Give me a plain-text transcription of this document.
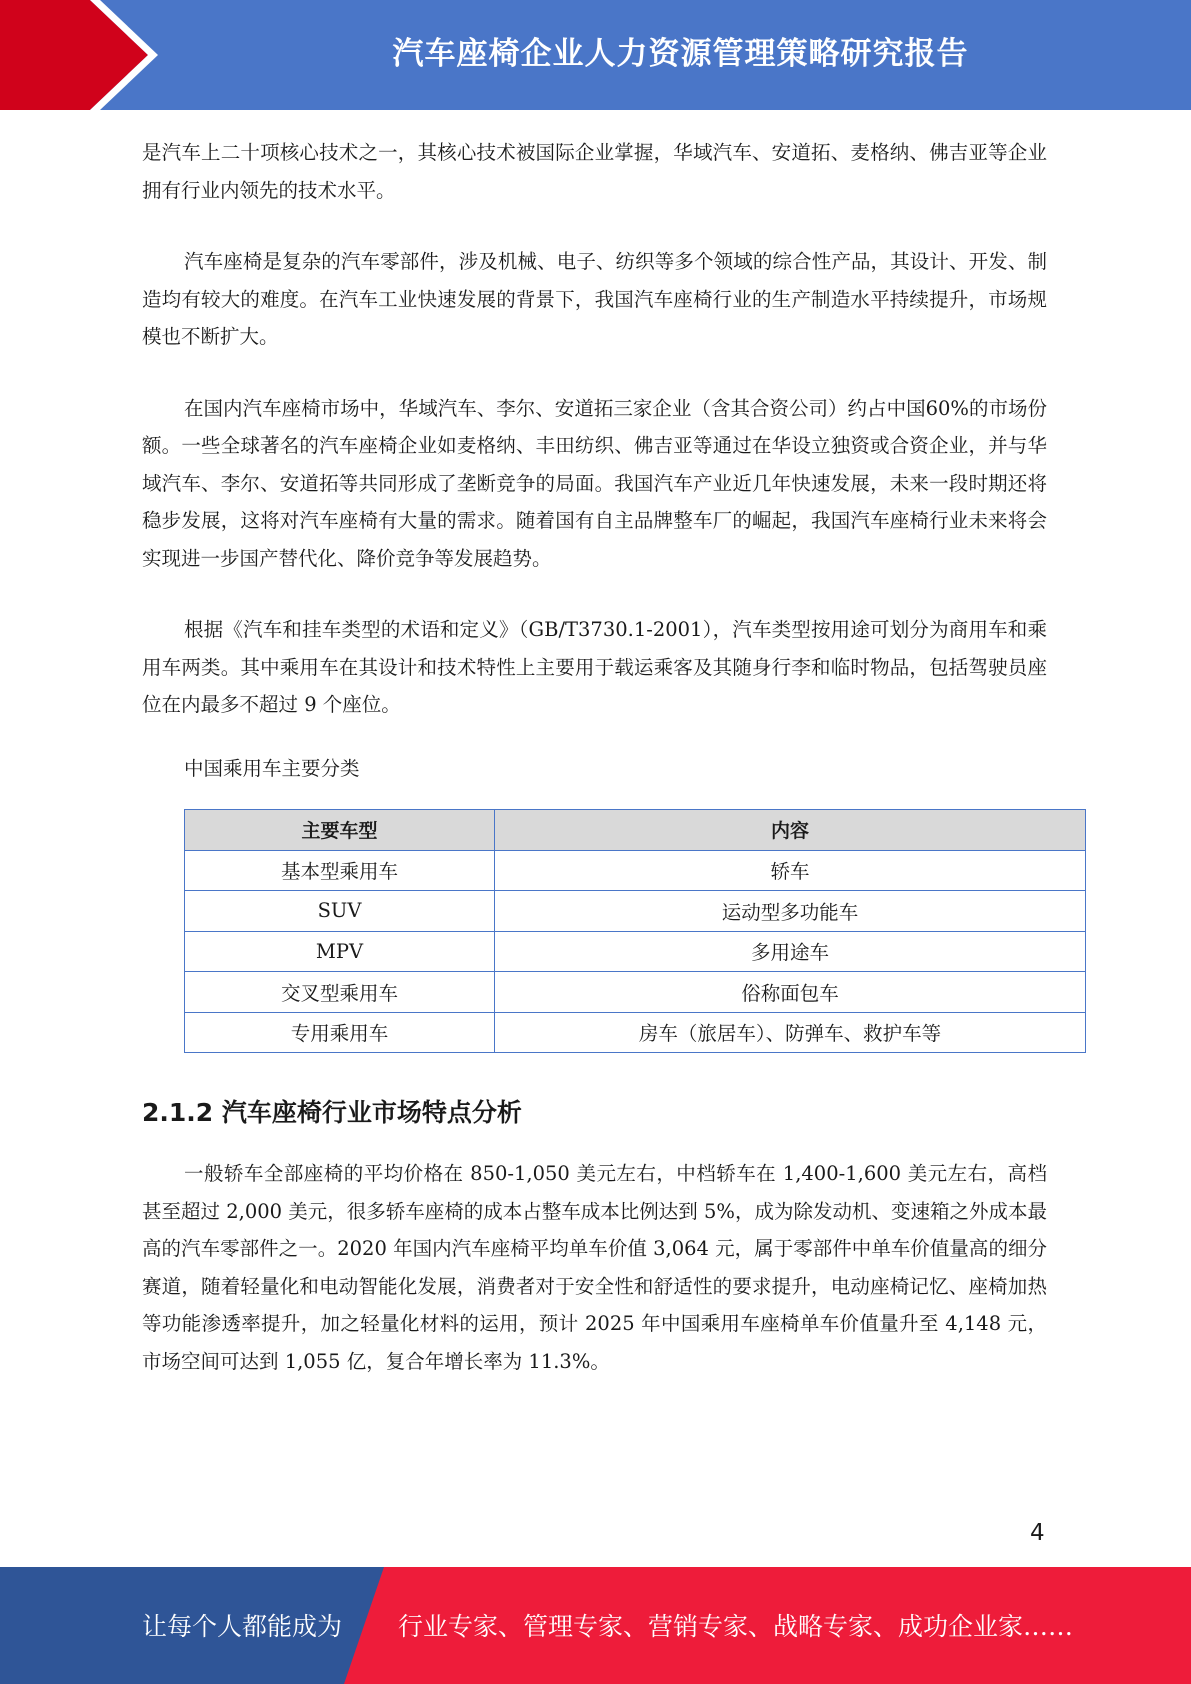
汽车座椅企业人力资源管理策略研究报告

是汽车上二十项核心技术之一，其核心技术被国际企业掌握，华域汽车、安道拓、麦格纳、佛吉亚等企业拥有行业内领先的技术水平。

汽车座椅是复杂的汽车零部件，涉及机械、电子、纺织等多个领域的综合性产品，其设计、开发、制造均有较大的难度。在汽车工业快速发展的背景下，我国汽车座椅行业的生产制造水平持续提升，市场规模也不断扩大。

在国内汽车座椅市场中，华域汽车、李尔、安道拓三家企业（含其合资公司）约占中国60%的市场份额。一些全球著名的汽车座椅企业如麦格纳、丰田纺织、佛吉亚等通过在华设立独资或合资企业，并与华域汽车、李尔、安道拓等共同形成了垄断竞争的局面。我国汽车产业近几年快速发展，未来一段时期还将稳步发展，这将对汽车座椅有大量的需求。随着国有自主品牌整车厂的崛起，我国汽车座椅行业未来将会实现进一步国产替代化、降价竞争等发展趋势。

根据《汽车和挂车类型的术语和定义》（GB/T3730.1-2001），汽车类型按用途可划分为商用车和乘用车两类。其中乘用车在其设计和技术特性上主要用于载运乘客及其随身行李和临时物品，包括驾驶员座位在内最多不超过 9 个座位。

中国乘用车主要分类

主要车型	内容
基本型乘用车	轿车
SUV	运动型多功能车
MPV	多用途车
交叉型乘用车	俗称面包车
专用乘用车	房车（旅居车）、防弹车、救护车等
2.1.2 汽车座椅行业市场特点分析

一般轿车全部座椅的平均价格在 850-1,050 美元左右，中档轿车在 1,400-1,600 美元左右，高档甚至超过 2,000 美元，很多轿车座椅的成本占整车成本比例达到 5%，成为除发动机、变速箱之外成本最高的汽车零部件之一。2020 年国内汽车座椅平均单车价值 3,064 元，属于零部件中单车价值量高的细分赛道，随着轻量化和电动智能化发展，消费者对于安全性和舒适性的要求提升，电动座椅记忆、座椅加热等功能渗透率提升，加之轻量化材料的运用，预计 2025 年中国乘用车座椅单车价值量升至 4,148 元，市场空间可达到 1,055 亿，复合年增长率为 11.3%。

4
让每个人都能成为 行业专家、管理专家、营销专家、战略专家、成功企业家……
